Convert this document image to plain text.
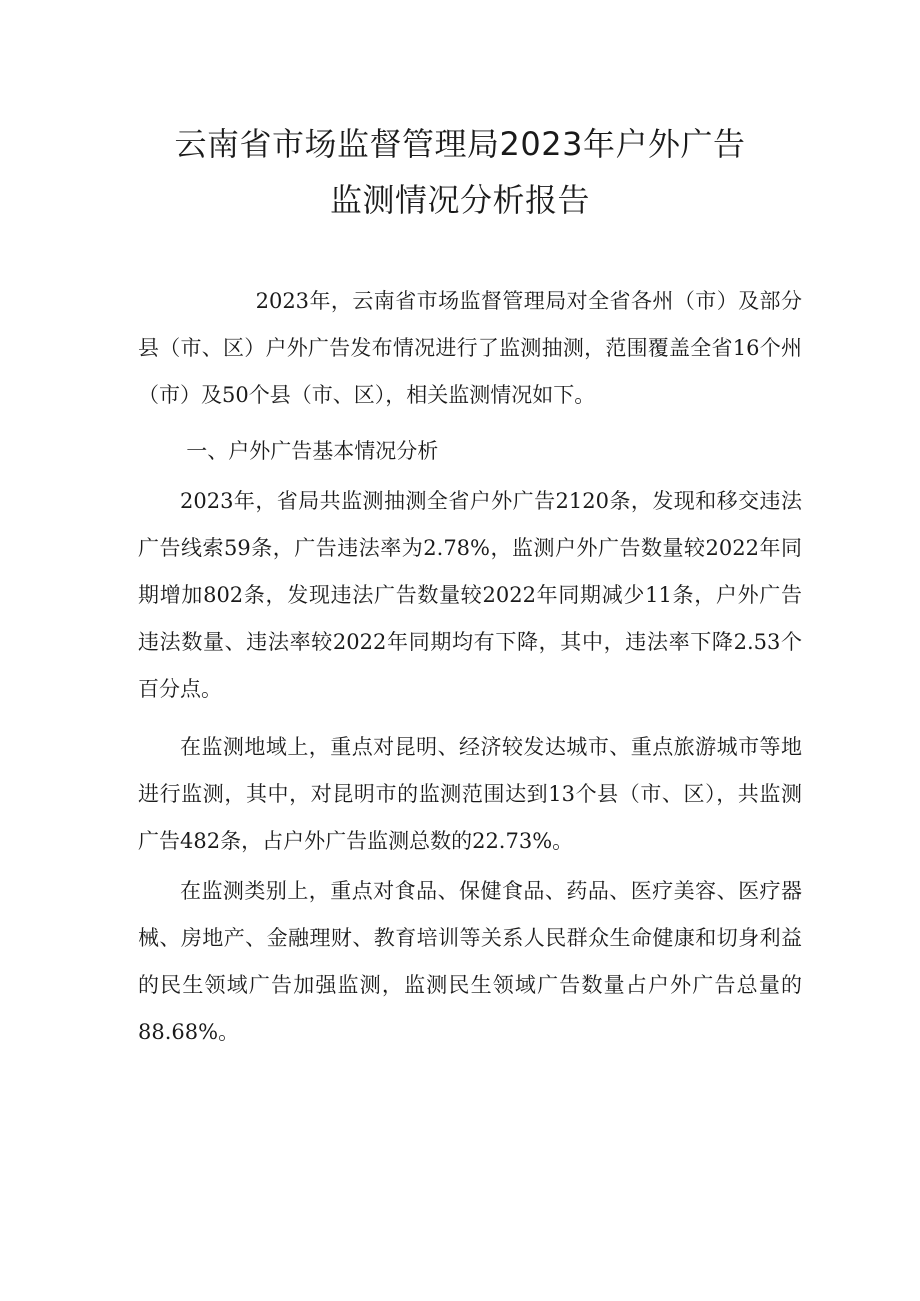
云南省市场监督管理局2023年户外广告
监测情况分析报告

2023年，云南省市场监督管理局对全省各州（市）及部分县（市、区）户外广告发布情况进行了监测抽测，范围覆盖全省16个州（市）及50个县（市、区），相关监测情况如下。

一、户外广告基本情况分析

2023年，省局共监测抽测全省户外广告2120条，发现和移交违法广告线索59条，广告违法率为2.78%，监测户外广告数量较2022年同期增加802条，发现违法广告数量较2022年同期减少11条，户外广告违法数量、违法率较2022年同期均有下降，其中，违法率下降2.53个百分点。

在监测地域上，重点对昆明、经济较发达城市、重点旅游城市等地进行监测，其中，对昆明市的监测范围达到13个县（市、区），共监测广告482条，占户外广告监测总数的22.73%。

在监测类别上，重点对食品、保健食品、药品、医疗美容、医疗器械、房地产、金融理财、教育培训等关系人民群众生命健康和切身利益的民生领域广告加强监测，监测民生领域广告数量占户外广告总量的88.68%。
